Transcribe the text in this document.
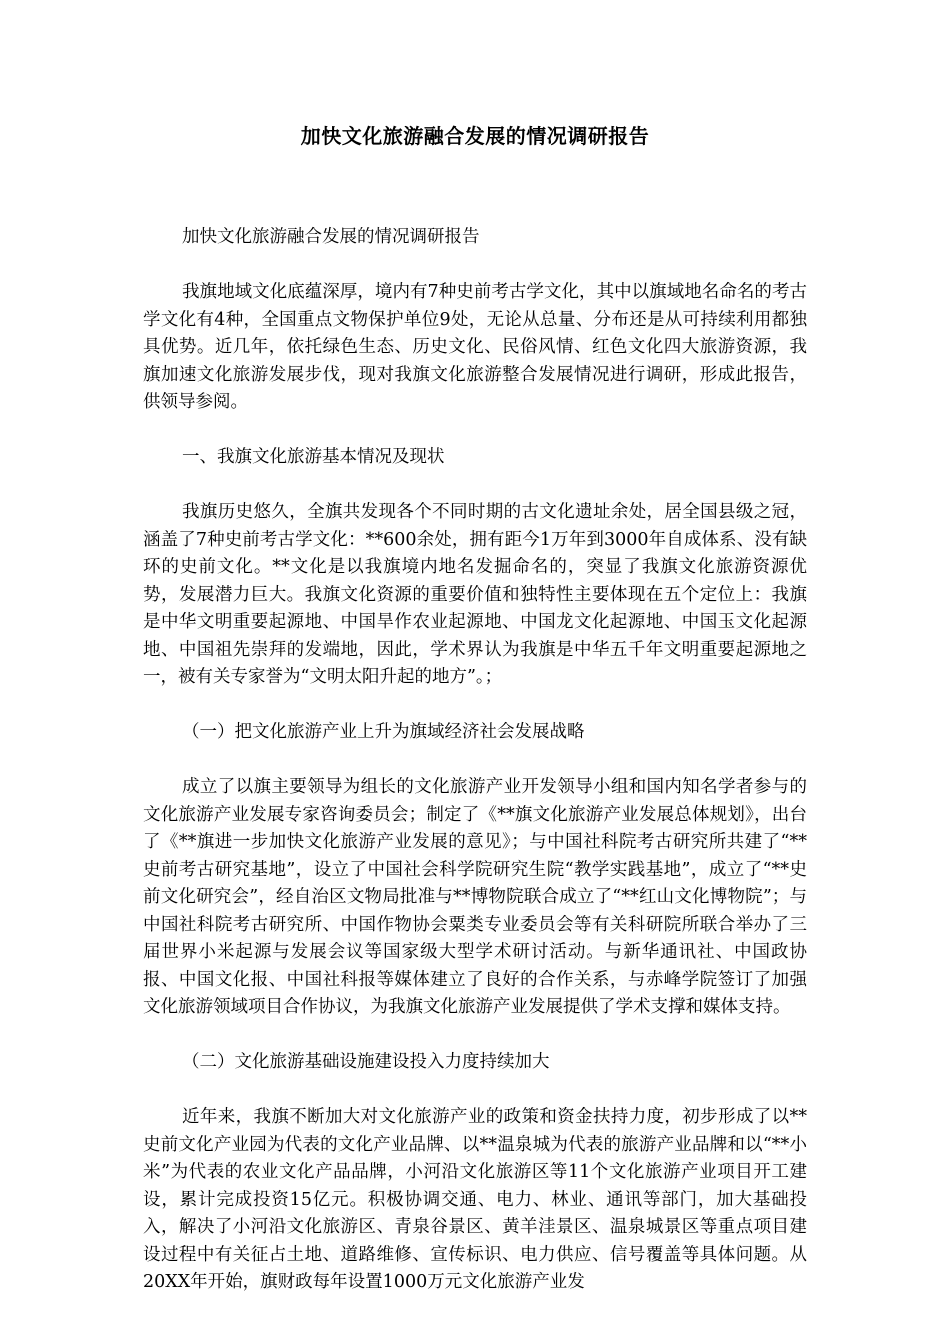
加快文化旅游融合发展的情况调研报告

加快文化旅游融合发展的情况调研报告

我旗地域文化底蕴深厚，境内有7种史前考古学文化，其中以旗域地名命名的考古学文化有4种，全国重点文物保护单位9处，无论从总量、分布还是从可持续利用都独具优势。近几年，依托绿色生态、历史文化、民俗风情、红色文化四大旅游资源，我旗加速文化旅游发展步伐，现对我旗文化旅游整合发展情况进行调研，形成此报告，供领导参阅。

一、我旗文化旅游基本情况及现状

我旗历史悠久，全旗共发现各个不同时期的古文化遗址余处，居全国县级之冠，涵盖了7种史前考古学文化：**600余处，拥有距今1万年到3000年自成体系、没有缺环的史前文化。**文化是以我旗境内地名发掘命名的，突显了我旗文化旅游资源优势，发展潜力巨大。我旗文化资源的重要价值和独特性主要体现在五个定位上：我旗是中华文明重要起源地、中国旱作农业起源地、中国龙文化起源地、中国玉文化起源地、中国祖先崇拜的发端地，因此，学术界认为我旗是中华五千年文明重要起源地之一，被有关专家誉为“文明太阳升起的地方”。；

（一）把文化旅游产业上升为旗域经济社会发展战略

成立了以旗主要领导为组长的文化旅游产业开发领导小组和国内知名学者参与的文化旅游产业发展专家咨询委员会；制定了《**旗文化旅游产业发展总体规划》，出台了《**旗进一步加快文化旅游产业发展的意见》；与中国社科院考古研究所共建了“**史前考古研究基地”，设立了中国社会科学院研究生院“教学实践基地”，成立了“**史前文化研究会”，经自治区文物局批准与**博物院联合成立了“**红山文化博物院”；与中国社科院考古研究所、中国作物协会粟类专业委员会等有关科研院所联合举办了三届世界小米起源与发展会议等国家级大型学术研讨活动。与新华通讯社、中国政协报、中国文化报、中国社科报等媒体建立了良好的合作关系，与赤峰学院签订了加强文化旅游领域项目合作协议，为我旗文化旅游产业发展提供了学术支撑和媒体支持。

（二）文化旅游基础设施建设投入力度持续加大

近年来，我旗不断加大对文化旅游产业的政策和资金扶持力度，初步形成了以**史前文化产业园为代表的文化产业品牌、以**温泉城为代表的旅游产业品牌和以“**小米”为代表的农业文化产品品牌，小河沿文化旅游区等11个文化旅游产业项目开工建设，累计完成投资15亿元。积极协调交通、电力、林业、通讯等部门，加大基础投入，解决了小河沿文化旅游区、青泉谷景区、黄羊洼景区、温泉城景区等重点项目建设过程中有关征占土地、道路维修、宣传标识、电力供应、信号覆盖等具体问题。从20XX年开始，旗财政每年设置1000万元文化旅游产业发
